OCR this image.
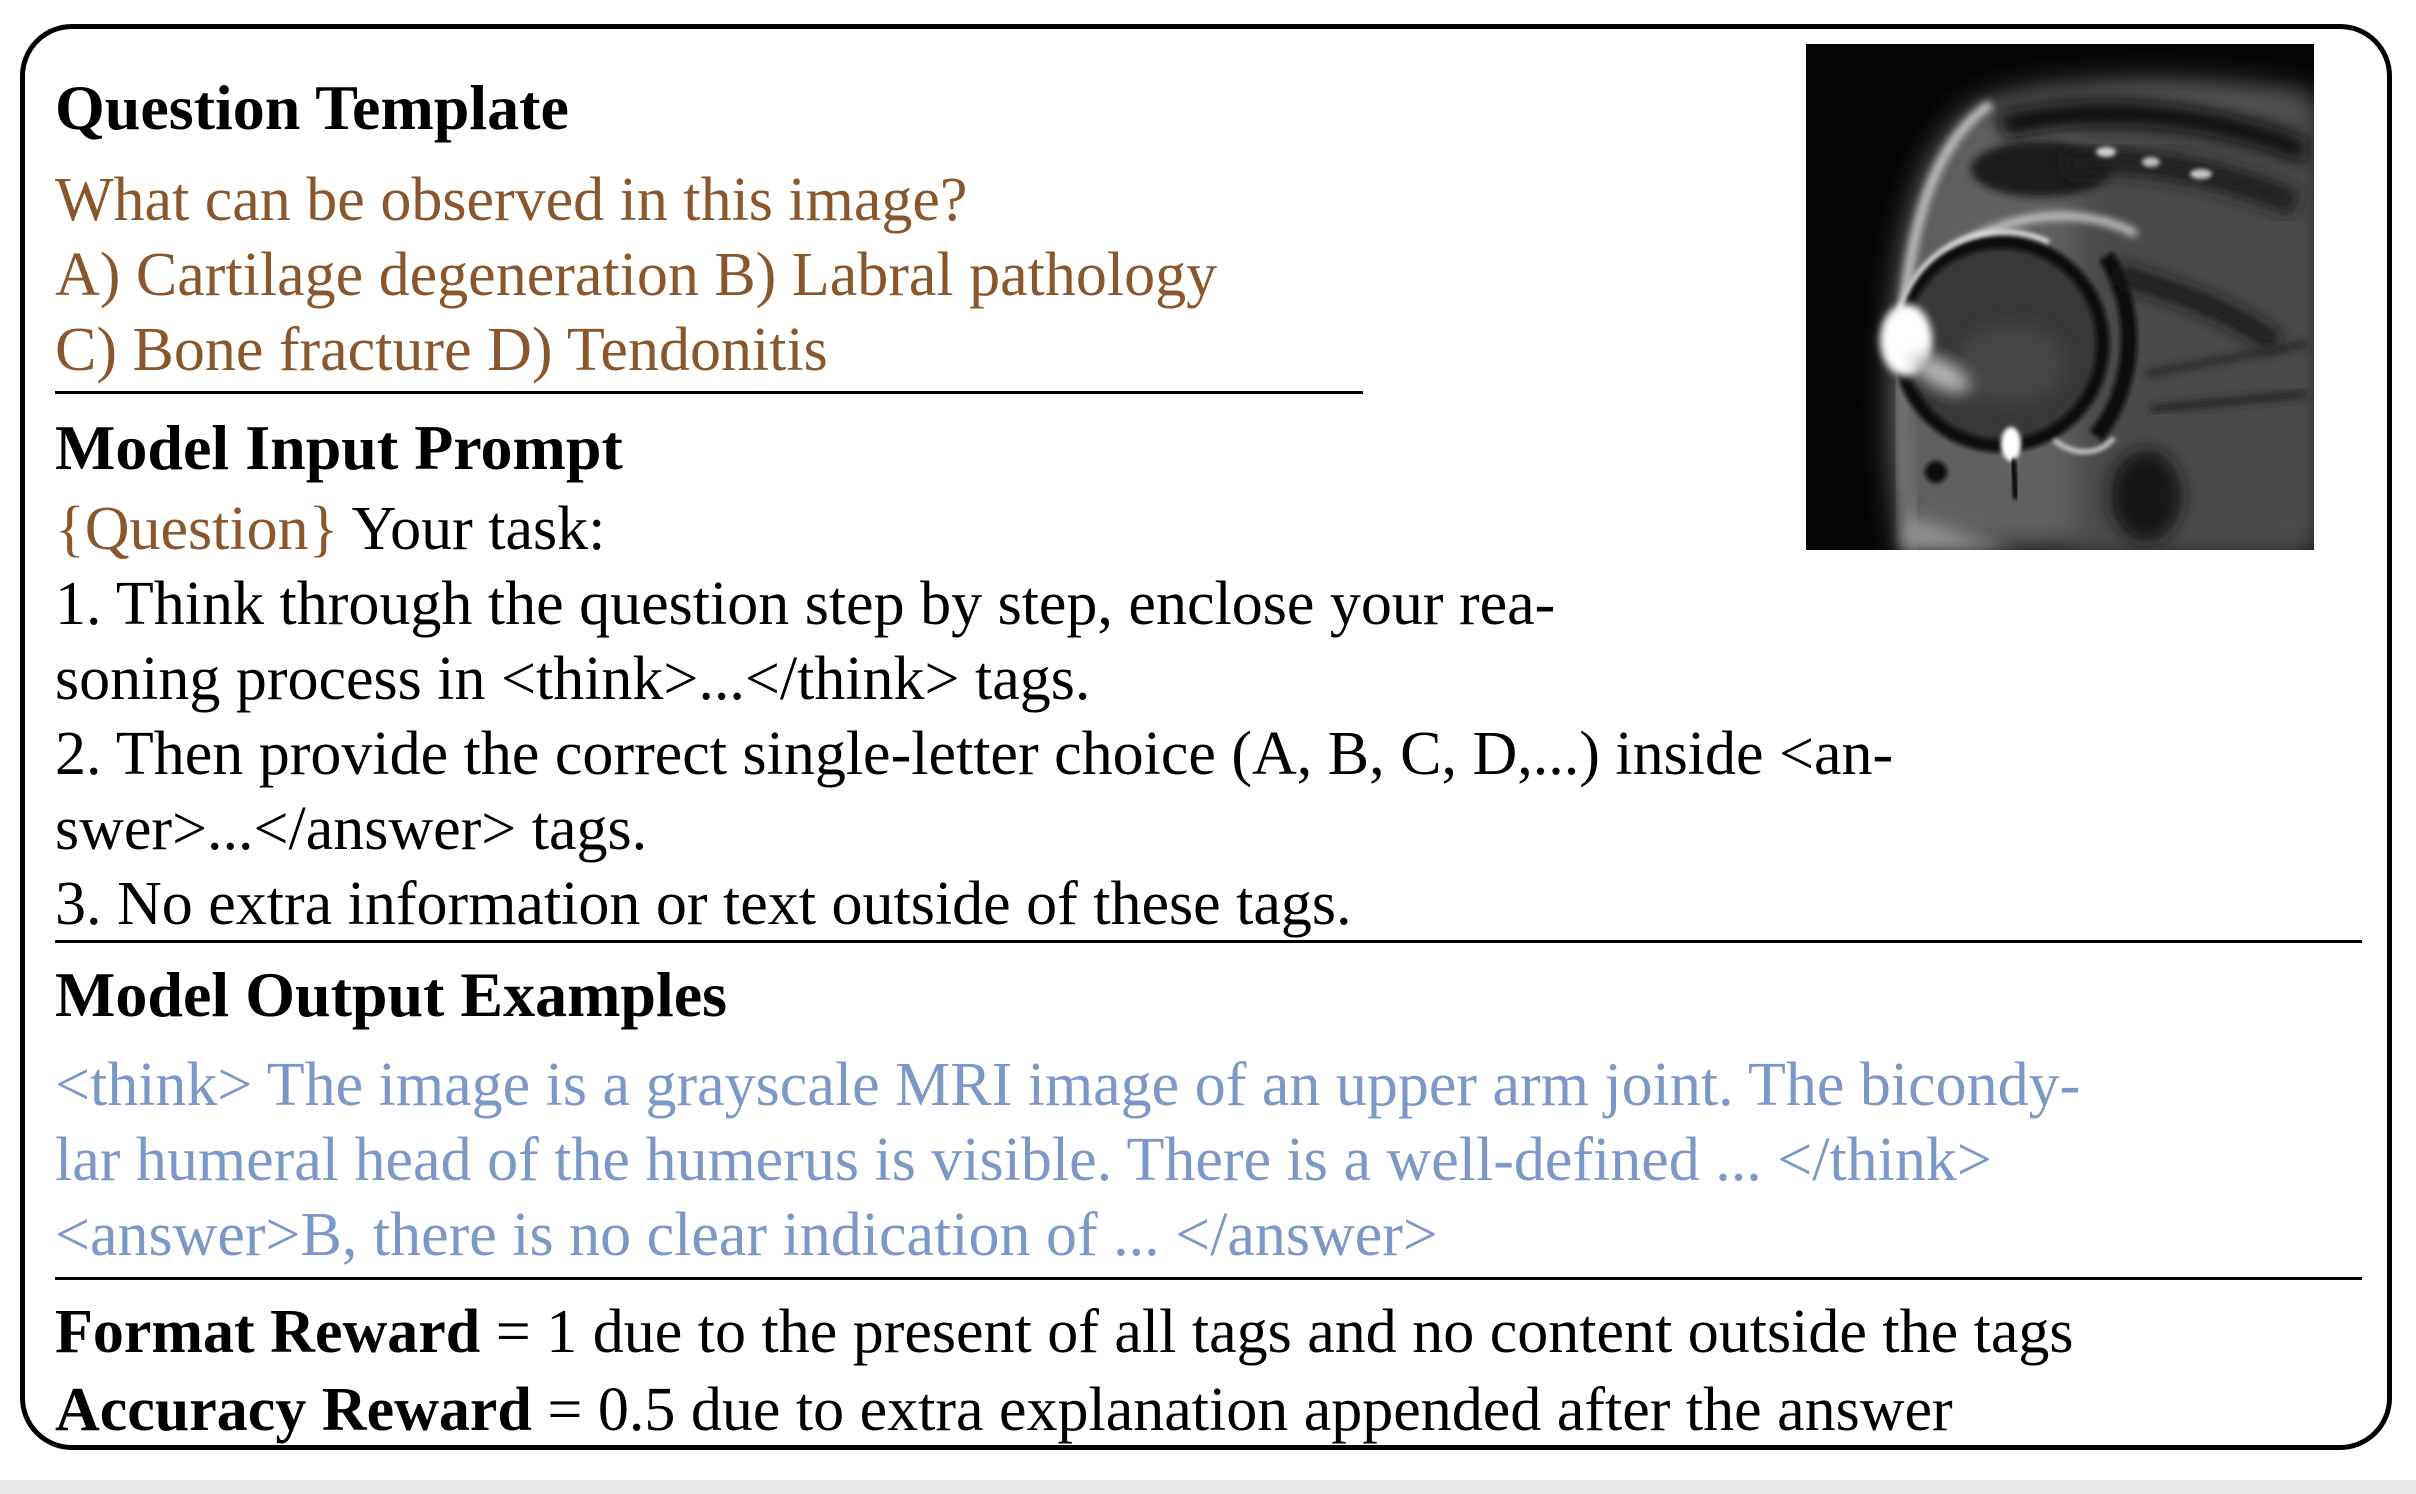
Question Template
What can be observed in this image?
A) Cartilage degeneration B) Labral pathology
C) Bone fracture D) Tendonitis
Model Input Prompt
{Question} Your task:
1. Think through the question step by step, enclose your rea-
soning process in <think>...</think> tags.
2. Then provide the correct single-letter choice (A, B, C, D,...) inside <an-
swer>...</answer> tags.
3. No extra information or text outside of these tags.
Model Output Examples
<think> The image is a grayscale MRI image of an upper arm joint. The bicondy-
lar humeral head of the humerus is visible. There is a well-defined ... </think>
<answer>B, there is no clear indication of ... </answer>
Format Reward = 1 due to the present of all tags and no content outside the tags
Accuracy Reward = 0.5 due to extra explanation appended after the answer
